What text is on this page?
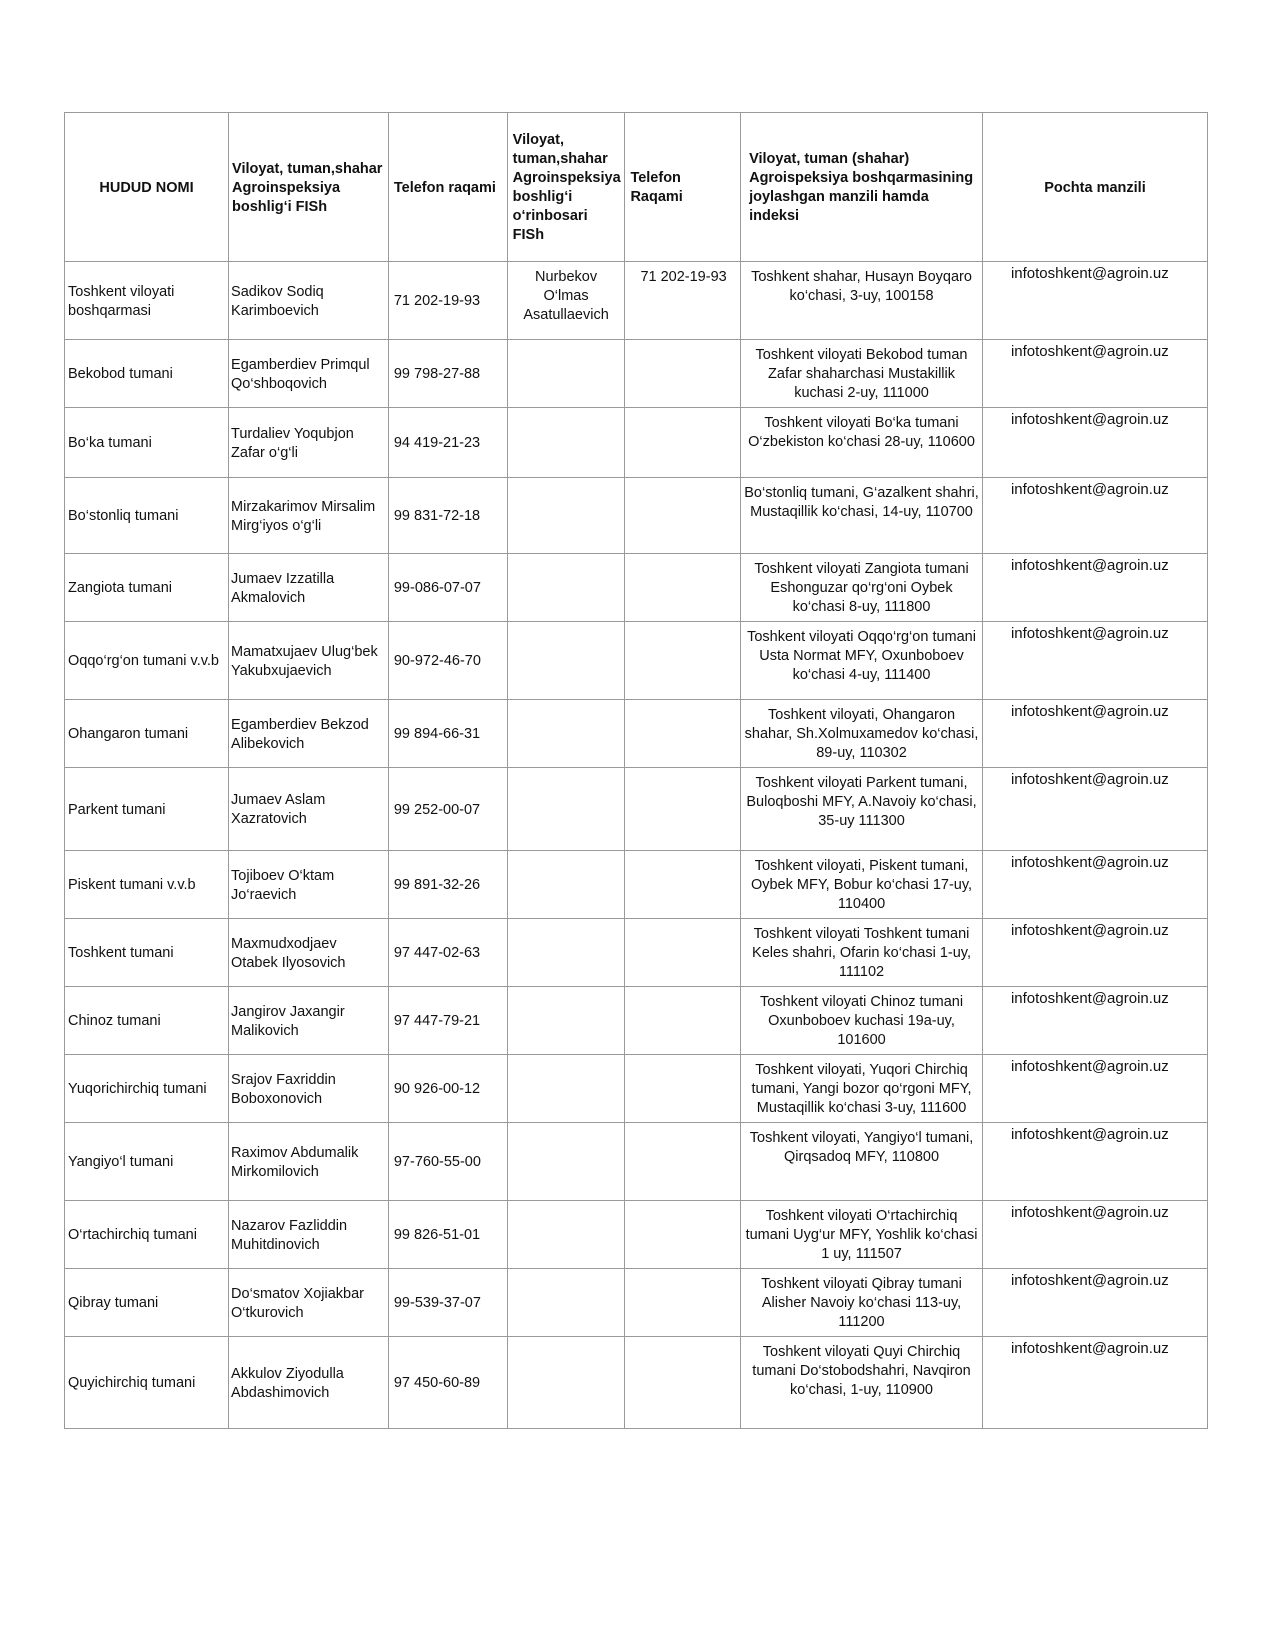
HUDUD NOMI	Viloyat, tuman,shahar Agroinspeksiya boshlig‘i FISh	Telefon raqami	Viloyat, tuman,shahar Agroinspeksiya boshlig‘i o‘rinbosari FISh	Telefon Raqami	Viloyat, tuman (shahar) Agroispeksiya boshqarmasining joylashgan manzili hamda indeksi	Pochta manzili
Toshkent viloyati boshqarmasi	Sadikov Sodiq Karimboevich	71 202-19-93	Nurbekov O‘lmas Asatullaevich	71 202-19-93	Toshkent shahar, Husayn Boyqaro ko‘chasi, 3-uy, 100158	infotoshkent@agroin.uz
Bekobod tumani	Egamberdiev Primqul Qo‘shboqovich	99 798-27-88			Toshkent viloyati Bekobod tuman Zafar shaharchasi Mustakillik kuchasi 2-uy, 111000	infotoshkent@agroin.uz
Bo‘ka tumani	Turdaliev Yoqubjon Zafar o‘g‘li	94 419-21-23			Toshkent viloyati Bo‘ka tumani O‘zbekiston ko‘chasi 28-uy, 110600	infotoshkent@agroin.uz
Bo‘stonliq tumani	Mirzakarimov Mirsalim Mirg‘iyos o‘g‘li	99 831-72-18			Bo‘stonliq tumani, G‘azalkent shahri, Mustaqillik ko‘chasi, 14-uy, 110700	infotoshkent@agroin.uz
Zangiota tumani	Jumaev Izzatilla Akmalovich	99-086-07-07			Toshkent viloyati Zangiota tumani Eshonguzar qo‘rg‘oni Oybek ko‘chasi 8-uy, 111800	infotoshkent@agroin.uz
Oqqo‘rg‘on tumani v.v.b	Mamatxujaev Ulug‘bek Yakubxujaevich	90-972-46-70			Toshkent viloyati Oqqo‘rg‘on tumani Usta Normat MFY, Oxunboboev ko‘chasi 4-uy, 111400	infotoshkent@agroin.uz
Ohangaron tumani	Egamberdiev Bekzod Alibekovich	99 894-66-31			Toshkent viloyati, Ohangaron shahar, Sh.Xolmuxamedov ko‘chasi, 89-uy, 110302	infotoshkent@agroin.uz
Parkent tumani	Jumaev Aslam Xazratovich	99 252-00-07			Toshkent viloyati Parkent tumani, Buloqboshi MFY, A.Navoiy ko‘chasi, 35-uy 111300	infotoshkent@agroin.uz
Piskent tumani v.v.b	Tojiboev O‘ktam Jo‘raevich	99 891-32-26			Toshkent viloyati, Piskent tumani, Oybek MFY, Bobur ko‘chasi 17-uy, 110400	infotoshkent@agroin.uz
Toshkent tumani	Maxmudxodjaev Otabek Ilyosovich	97 447-02-63			Toshkent viloyati Toshkent tumani Keles shahri, Ofarin ko‘chasi 1-uy, 111102	infotoshkent@agroin.uz
Chinoz tumani	Jangirov Jaxangir Malikovich	97 447-79-21			Toshkent viloyati Chinoz tumani Oxunboboev kuchasi 19a-uy, 101600	infotoshkent@agroin.uz
Yuqorichirchiq tumani	Srajov Faxriddin Boboxonovich	90 926-00-12			Toshkent viloyati, Yuqori Chirchiq tumani, Yangi bozor qo‘rgoni MFY, Mustaqillik ko‘chasi 3-uy, 111600	infotoshkent@agroin.uz
Yangiyo‘l tumani	Raximov Abdumalik Mirkomilovich	97-760-55-00			Toshkent viloyati, Yangiyo‘l tumani, Qirqsadoq MFY, 110800	infotoshkent@agroin.uz
O‘rtachirchiq tumani	Nazarov Fazliddin Muhitdinovich	99 826-51-01			Toshkent viloyati O‘rtachirchiq tumani Uyg‘ur MFY, Yoshlik ko‘chasi 1 uy, 111507	infotoshkent@agroin.uz
Qibray tumani	Do‘smatov Xojiakbar O‘tkurovich	99-539-37-07			Toshkent viloyati Qibray tumani Alisher Navoiy ko‘chasi 113-uy, 111200	infotoshkent@agroin.uz
Quyichirchiq tumani	Akkulov Ziyodulla Abdashimovich	97 450-60-89			Toshkent viloyati Quyi Chirchiq tumani Do‘stobodshahri, Navqiron ko‘chasi, 1-uy, 110900	infotoshkent@agroin.uz
